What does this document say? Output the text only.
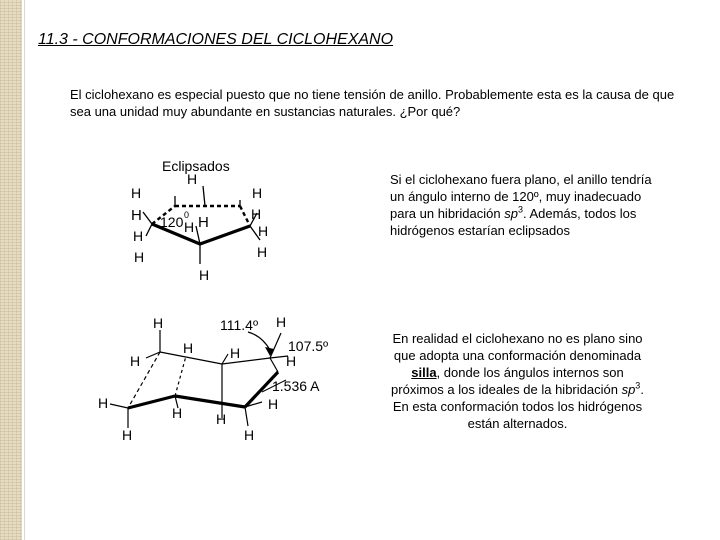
11.3 - CONFORMACIONES DEL CICLOHEXANO
El ciclohexano es especial puesto que no tiene tensión de anillo. Probablemente esta es la causa de que sea una unidad muy abundante en sustancias naturales. ¿Por qué?
Eclipsados
H
H	H
H 120 0
H H	H
H	H
H	H
H
H	111.4º H
H	H	107.5º
H	H
1.536 A
H	H
H H
H	H
Si el ciclohexano fuera plano, el anillo tendría un ángulo interno de 120º, muy inadecuado para un hibridación $sp^3$. Además, todos los hidrógenos estarían eclipsados
En realidad el ciclohexano no es plano sino que adopta una conformación denominada silla, donde los ángulos internos son próximos a los ideales de la hibridación $sp^3$. En esta conformación todos los hidrógenos están alternados.
